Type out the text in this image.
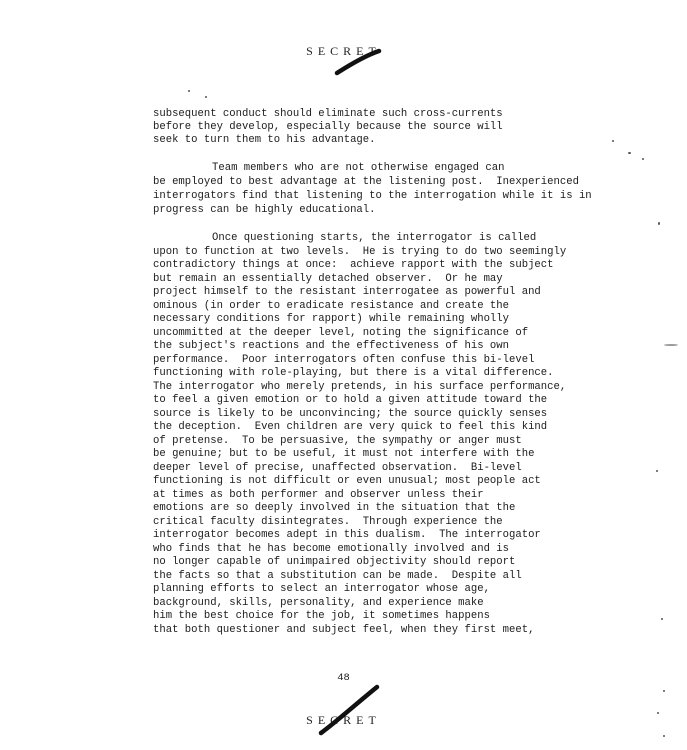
SECRET
subsequent conduct should eliminate such cross-currents
before they develop, especially because the source will
seek to turn them to his advantage.
Team members who are not otherwise engaged can
be employed to best advantage at the listening post.  Inexperienced
interrogators find that listening to the interrogation while it is in
progress can be highly educational.
Once questioning starts, the interrogator is called
upon to function at two levels.  He is trying to do two seemingly
contradictory things at once:  achieve rapport with the subject
but remain an essentially detached observer.  Or he may
project himself to the resistant interrogatee as powerful and
ominous (in order to eradicate resistance and create the
necessary conditions for rapport) while remaining wholly
uncommitted at the deeper level, noting the significance of
the subject's reactions and the effectiveness of his own
performance.  Poor interrogators often confuse this bi-level
functioning with role-playing, but there is a vital difference.
The interrogator who merely pretends, in his surface performance,
to feel a given emotion or to hold a given attitude toward the
source is likely to be unconvincing; the source quickly senses
the deception.  Even children are very quick to feel this kind
of pretense.  To be persuasive, the sympathy or anger must
be genuine; but to be useful, it must not interfere with the
deeper level of precise, unaffected observation.  Bi-level
functioning is not difficult or even unusual; most people act
at times as both performer and observer unless their
emotions are so deeply involved in the situation that the
critical faculty disintegrates.  Through experience the
interrogator becomes adept in this dualism.  The interrogator
who finds that he has become emotionally involved and is
no longer capable of unimpaired objectivity should report
the facts so that a substitution can be made.  Despite all
planning efforts to select an interrogator whose age,
background, skills, personality, and experience make
him the best choice for the job, it sometimes happens
that both questioner and subject feel, when they first meet,
48
SECRET
